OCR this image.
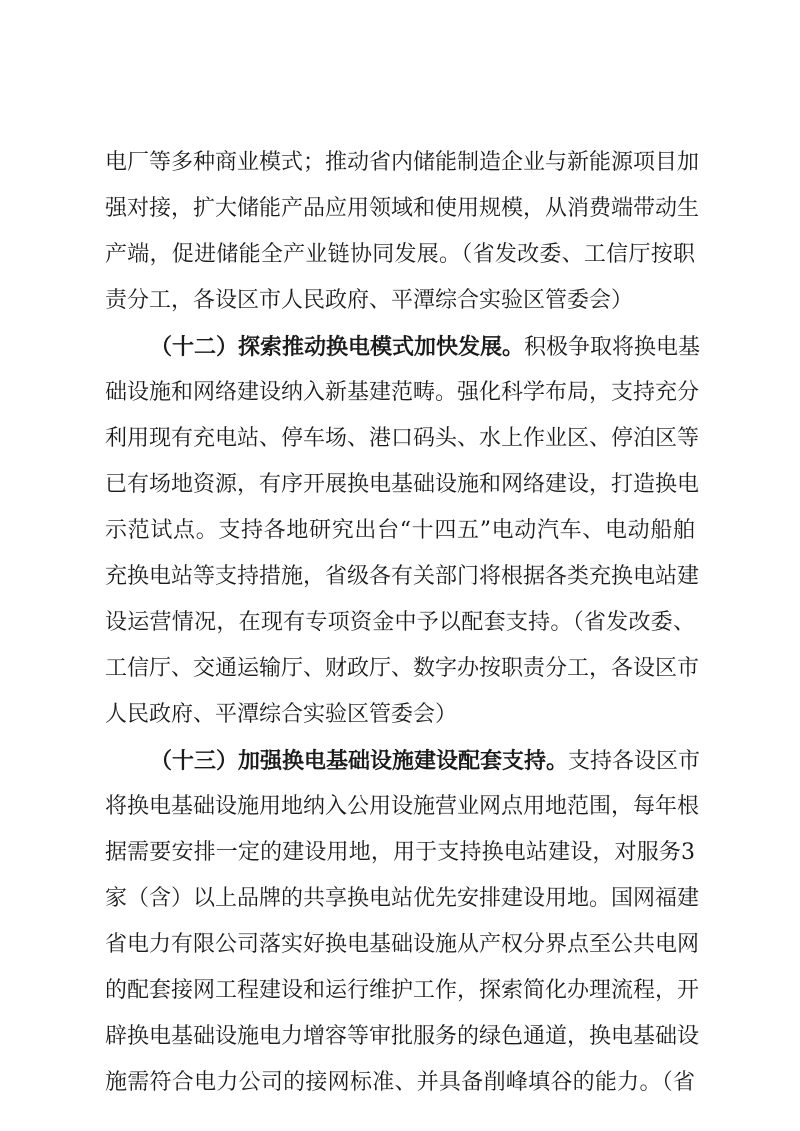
电厂等多种商业模式；推动省内储能制造企业与新能源项目加
强对接，扩大储能产品应用领域和使用规模，从消费端带动生
产端，促进储能全产业链协同发展。（省发改委、工信厅按职
责分工，各设区市人民政府、平潭综合实验区管委会）
（十二）探索推动换电模式加快发展。积极争取将换电基
础设施和网络建设纳入新基建范畴。强化科学布局，支持充分
利用现有充电站、停车场、港口码头、水上作业区、停泊区等
已有场地资源，有序开展换电基础设施和网络建设，打造换电
示范试点。支持各地研究出台“十四五”电动汽车、电动船舶
充换电站等支持措施，省级各有关部门将根据各类充换电站建
设运营情况，在现有专项资金中予以配套支持。（省发改委、
工信厅、交通运输厅、财政厅、数字办按职责分工，各设区市
人民政府、平潭综合实验区管委会）
（十三）加强换电基础设施建设配套支持。支持各设区市
将换电基础设施用地纳入公用设施营业网点用地范围，每年根
据需要安排一定的建设用地，用于支持换电站建设，对服务3
家（含）以上品牌的共享换电站优先安排建设用地。国网福建
省电力有限公司落实好换电基础设施从产权分界点至公共电网
的配套接网工程建设和运行维护工作，探索简化办理流程，开
辟换电基础设施电力增容等审批服务的绿色通道，换电基础设
施需符合电力公司的接网标准、并具备削峰填谷的能力。（省
